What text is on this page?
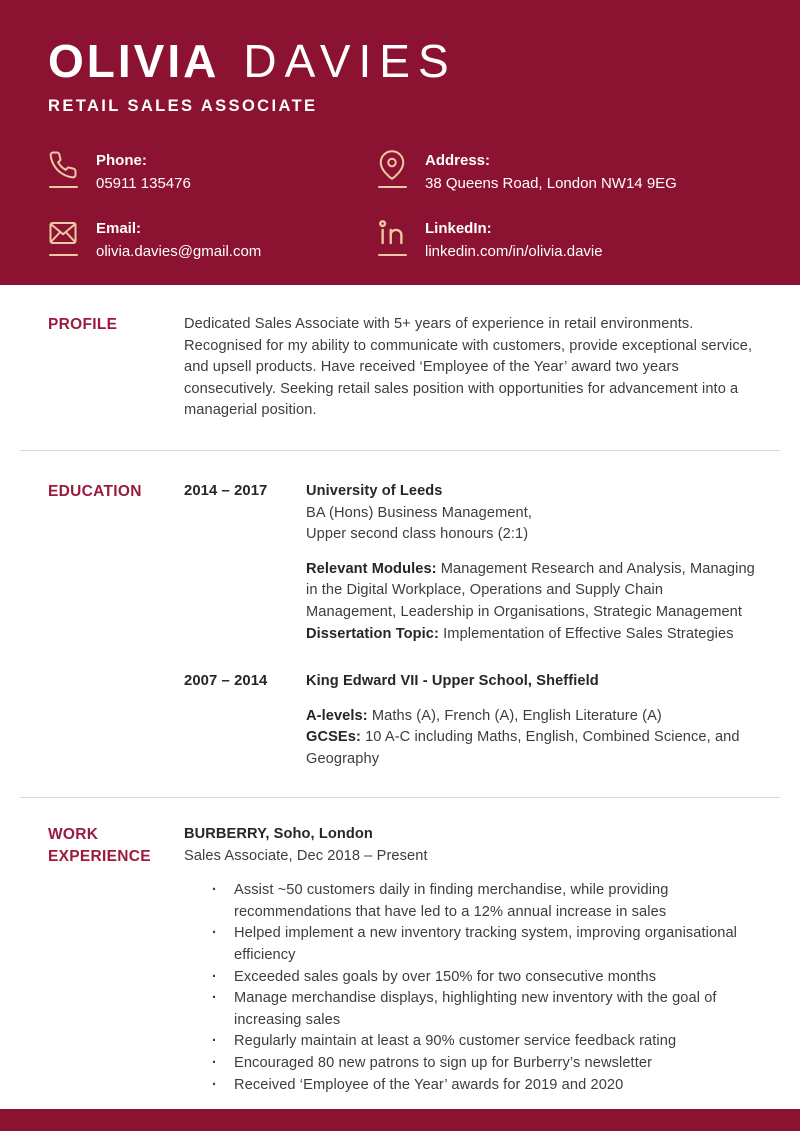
OLIVIA DAVIES
RETAIL SALES ASSOCIATE
Phone:
05911 135476
Address:
38 Queens Road, London NW14 9EG
Email:
olivia.davies@gmail.com
LinkedIn:
linkedin.com/in/olivia.davie
PROFILE	Dedicated Sales Associate with 5+ years of experience in retail environments. Recognised for my ability to communicate with customers, provide exceptional service, and upsell products. Have received ‘Employee of the Year’ award two years consecutively. Seeking retail sales position with opportunities for advancement into a managerial position.

EDUCATION	2014 – 2017	University of Leeds

BA (Hons) Business Management,

Upper second class honours (2:1)

Relevant Modules: Management Research and Analysis, Managing in the Digital Workplace, Operations and Supply Chain Management, Leadership in Organisations, Strategic Management

Dissertation Topic: Implementation of Effective Sales Strategies

2007 – 2014	King Edward VII - Upper School, Sheffield

A-levels: Maths (A), French (A), English Literature (A)

GCSEs: 10 A-C including Maths, English, Combined Science, and Geography

WORK EXPERIENCE

BURBERRY, Soho, London

Sales Associate, Dec 2018 – Present

· Assist ~50 customers daily in finding merchandise, while providing recommendations that have led to a 12% annual increase in sales
· Helped implement a new inventory tracking system, improving organisational efficiency
· Exceeded sales goals by over 150% for two consecutive months
· Manage merchandise displays, highlighting new inventory with the goal of increasing sales
· Regularly maintain at least a 90% customer service feedback rating
· Encouraged 80 new patrons to sign up for Burberry’s newsletter
· Received ‘Employee of the Year’ awards for 2019 and 2020
